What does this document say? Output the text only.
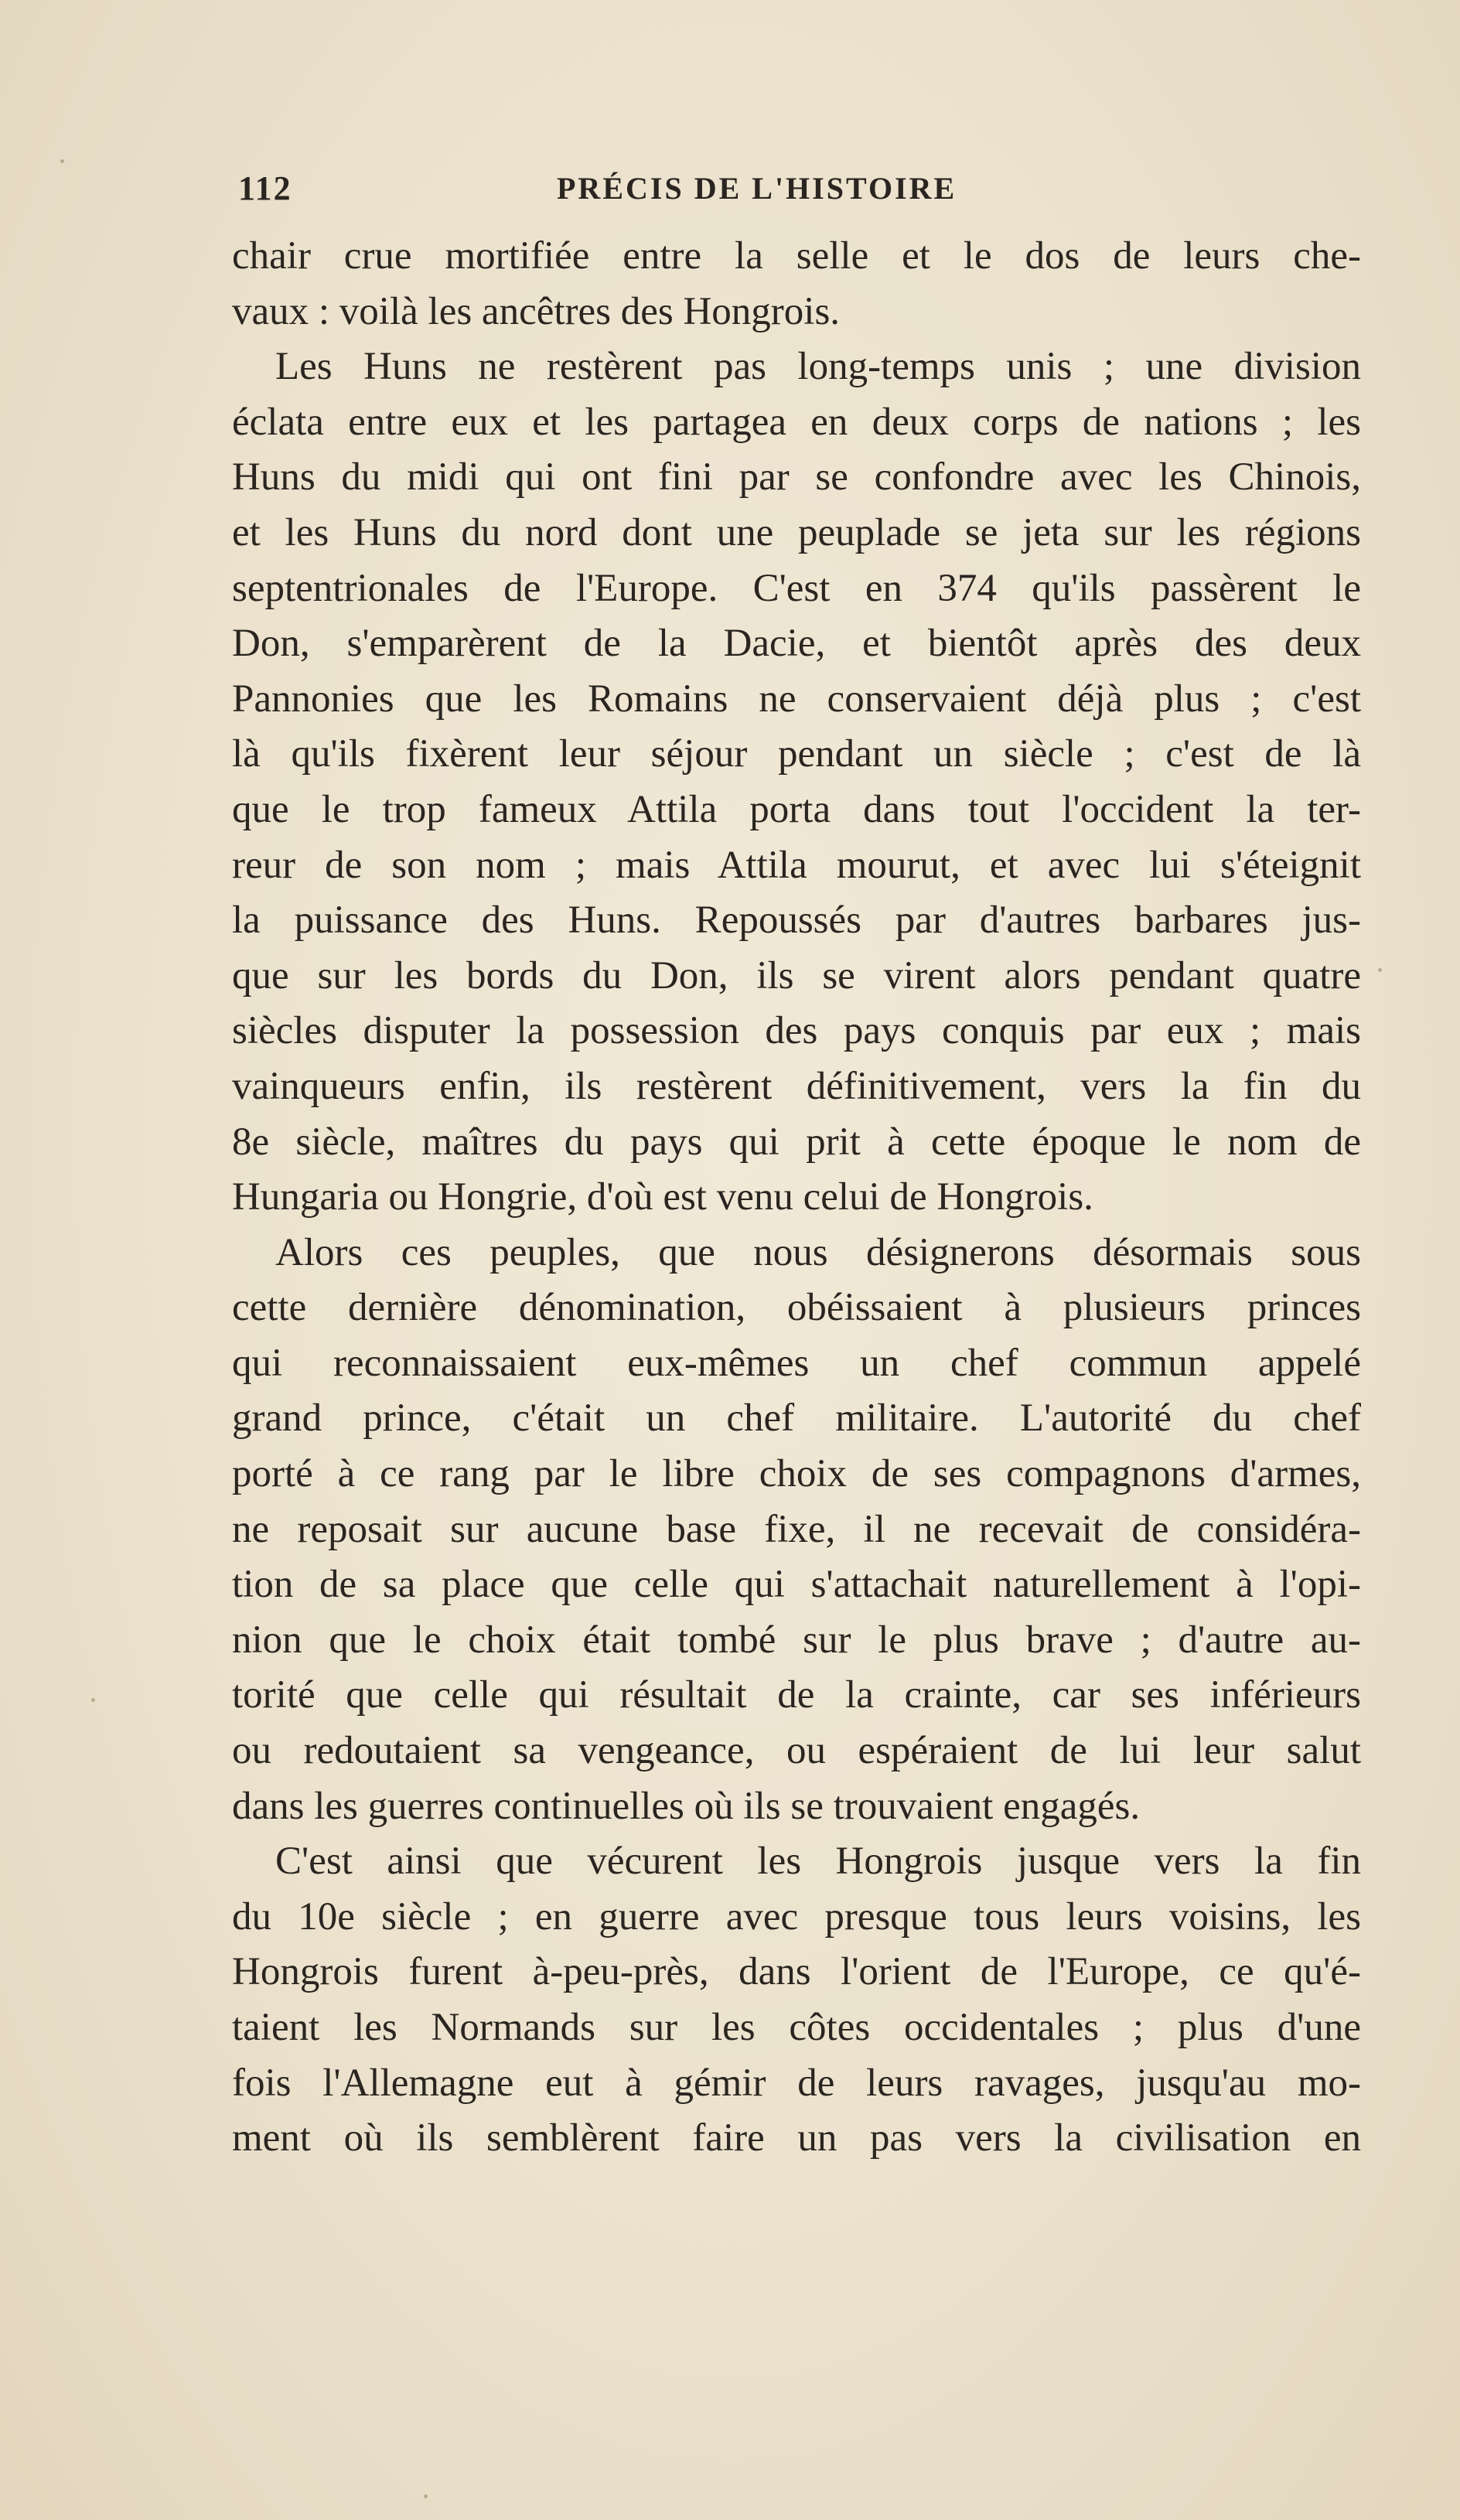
112	PRÉCIS DE L'HISTOIRE
chair crue mortifiée entre la selle et le dos de leurs che-
vaux : voilà les ancêtres des Hongrois.
Les Huns ne restèrent pas long-temps unis ; une division
éclata entre eux et les partagea en deux corps de nations ; les
Huns du midi qui ont fini par se confondre avec les Chinois,
et les Huns du nord dont une peuplade se jeta sur les régions
septentrionales de l'Europe. C'est en 374 qu'ils passèrent le
Don, s'emparèrent de la Dacie, et bientôt après des deux
Pannonies que les Romains ne conservaient déjà plus ; c'est
là qu'ils fixèrent leur séjour pendant un siècle ; c'est de là
que le trop fameux Attila porta dans tout l'occident la ter-
reur de son nom ; mais Attila mourut, et avec lui s'éteignit
la puissance des Huns. Repoussés par d'autres barbares jus-
que sur les bords du Don, ils se virent alors pendant quatre
siècles disputer la possession des pays conquis par eux ; mais
vainqueurs enfin, ils restèrent définitivement, vers la fin du
8e siècle, maîtres du pays qui prit à cette époque le nom de
Hungaria ou Hongrie, d'où est venu celui de Hongrois.
Alors ces peuples, que nous désignerons désormais sous
cette dernière dénomination, obéissaient à plusieurs princes
qui reconnaissaient eux-mêmes un chef commun appelé
grand prince, c'était un chef militaire. L'autorité du chef
porté à ce rang par le libre choix de ses compagnons d'armes,
ne reposait sur aucune base fixe, il ne recevait de considéra-
tion de sa place que celle qui s'attachait naturellement à l'opi-
nion que le choix était tombé sur le plus brave ; d'autre au-
torité que celle qui résultait de la crainte, car ses inférieurs
ou redoutaient sa vengeance, ou espéraient de lui leur salut
dans les guerres continuelles où ils se trouvaient engagés.
C'est ainsi que vécurent les Hongrois jusque vers la fin
du 10e siècle ; en guerre avec presque tous leurs voisins, les
Hongrois furent à-peu-près, dans l'orient de l'Europe, ce qu'é-
taient les Normands sur les côtes occidentales ; plus d'une
fois l'Allemagne eut à gémir de leurs ravages, jusqu'au mo-
ment où ils semblèrent faire un pas vers la civilisation en
